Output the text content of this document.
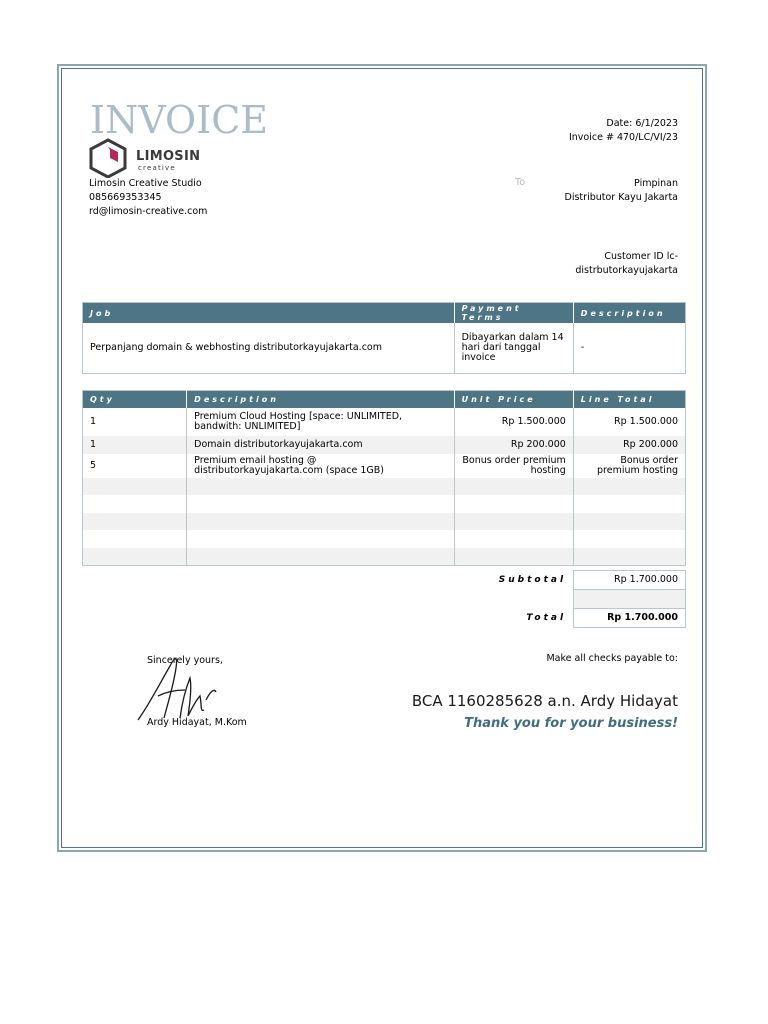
INVOICE
LIMOSIN
creative
Date: 6/1/2023
Invoice # 470/LC/VI/23
Limosin Creative Studio
085669353345
rd@limosin-creative.com
To	Pimpinan
Distributor Kayu Jakarta
Customer ID lc-
distrbutorkayujakarta
Job	Payment Terms	Description
Perpanjang domain & webhosting distributorkayujakarta.com	Dibayarkan dalam 14 hari dari tanggal invoice	-
Qty	Description	Unit Price	Line Total
1	Premium Cloud Hosting [space: UNLIMITED, bandwith: UNLIMITED]	Rp 1.500.000	Rp 1.500.000
1	Domain distributorkayujakarta.com	Rp 200.000	Rp 200.000
5	Premium email hosting @ distributorkayujakarta.com (space 1GB)	Bonus order premium hosting	Bonus order premium hosting

Subtotal	Rp 1.700.000

Total	Rp 1.700.000
Sincerely yours,
Ardy Hidayat, M.Kom
Make all checks payable to:
BCA 1160285628 a.n. Ardy Hidayat
Thank you for your business!
